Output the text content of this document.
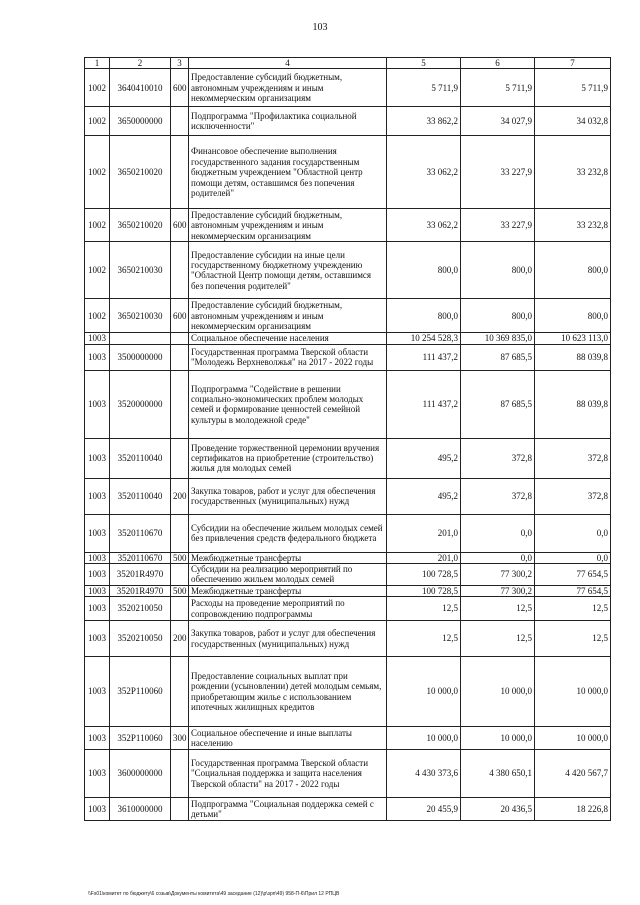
103
1	2	3	4	5	6	7
1002	3640410010	600	Предоставление субсидий бюджетным, автономным учреждениям и иным некоммерческим организациям	5 711,9	5 711,9	5 711,9
1002	3650000000		Подпрограмма "Профилактика социальной исключенности"	33 862,2	34 027,9	34 032,8
1002	3650210020		Финансовое обеспечение выполнения государственного задания государственным бюджетным учреждением "Областной центр помощи детям, оставшимся без попечения родителей"	33 062,2	33 227,9	33 232,8
1002	3650210020	600	Предоставление субсидий бюджетным, автономным учреждениям и иным некоммерческим организациям	33 062,2	33 227,9	33 232,8
1002	3650210030		Предоставление субсидии на иные цели государственному бюджетному учреждению "Областной Центр помощи детям, оставшимся без попечения родителей"	800,0	800,0	800,0
1002	3650210030	600	Предоставление субсидий бюджетным, автономным учреждениям и иным некоммерческим организациям	800,0	800,0	800,0
1003			Социальное обеспечение населения	10 254 528,3	10 369 835,0	10 623 113,0
1003	3500000000		Государственная программа Тверской области "Молодежь Верхневолжья" на 2017 - 2022 годы	111 437,2	87 685,5	88 039,8
1003	3520000000		Подпрограмма "Содействие в решении социально-экономических проблем молодых семей и формирование ценностей семейной культуры в молодежной среде"	111 437,2	87 685,5	88 039,8
1003	3520110040		Проведение торжественной церемонии вручения сертификатов на приобретение (строительство) жилья для молодых семей	495,2	372,8	372,8
1003	3520110040	200	Закупка товаров, работ и услуг для обеспечения государственных (муниципальных) нужд	495,2	372,8	372,8
1003	3520110670		Субсидии на обеспечение жильем молодых семей без привлечения средств федерального бюджета	201,0	0,0	0,0
1003	3520110670	500	Межбюджетные трансферты	201,0	0,0	0,0
1003	35201R4970		Субсидии на реализацию мероприятий по обеспечению жильем молодых семей	100 728,5	77 300,2	77 654,5
1003	35201R4970	500	Межбюджетные трансферты	100 728,5	77 300,2	77 654,5
1003	3520210050		Расходы на проведение мероприятий по сопровождению подпрограммы	12,5	12,5	12,5
1003	3520210050	200	Закупка товаров, работ и услуг для обеспечения государственных (муниципальных) нужд	12,5	12,5	12,5
1003	352P110060		Предоставление социальных выплат при рождении (усыновлении) детей молодым семьям, приобретающим жилье с использованием ипотечных жилищных кредитов	10 000,0	10 000,0	10 000,0
1003	352P110060	300	Социальное обеспечение и иные выплаты населению	10 000,0	10 000,0	10 000,0
1003	3600000000		Государственная программа Тверской области "Социальная поддержка и защита населения Тверской области" на 2017 - 2022 годы	4 430 373,6	4 380 650,1	4 420 567,7
1003	3610000000		Подпрограмма "Социальная поддержка семей с детьми"	20 455,9	20 436,5	18 226,8
\\Fs01\комитет по бюджету\6 созыв\Документы комитета\49 заседание (12)\р\зрп\49) 958-П-6\Прил 12 РПЦВ
